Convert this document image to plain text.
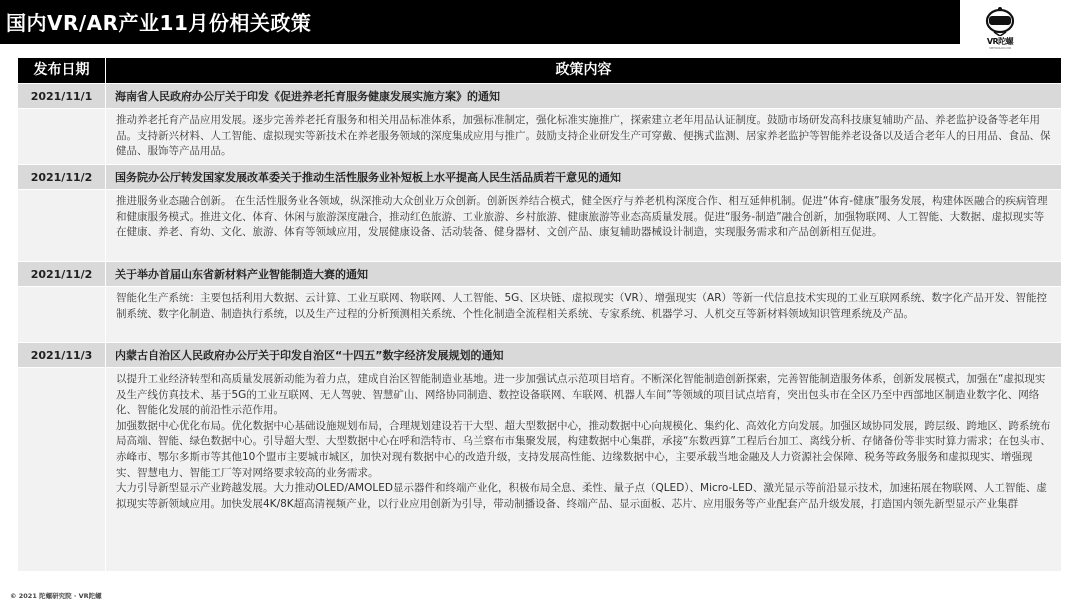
国内VR/AR产业11月份相关政策
VR陀螺
VRTUOLUO.CN
发布日期	政策内容
2021/11/1	海南省人民政府办公厅关于印发《促进养老托育服务健康发展实施方案》的通知

推动养老托育产品应用发展。逐步完善养老托育服务和相关用品标准体系，加强标准制定，强化标准实施推广，探索建立老年用品认证制度。鼓励市场研发高科技康复辅助产品、养老监护设备等老年用品。支持新兴材料、人工智能、虚拟现实等新技术在养老服务领域的深度集成应用与推广。鼓励支持企业研发生产可穿戴、便携式监测、居家养老监护等智能养老设备以及适合老年人的日用品、食品、保健品、服饰等产品用品。

2021/11/2	国务院办公厅转发国家发展改革委关于推动生活性服务业补短板上水平提高人民生活品质若干意见的通知

推进服务业态融合创新。 在生活性服务业各领域，纵深推动大众创业万众创新。创新医养结合模式，健全医疗与养老机构深度合作、相互延伸机制。促进“体育-健康”服务发展，构建体医融合的疾病管理和健康服务模式。推进文化、体育、休闲与旅游深度融合，推动红色旅游、工业旅游、乡村旅游、健康旅游等业态高质量发展。促进“服务-制造”融合创新，加强物联网、人工智能、大数据、虚拟现实等在健康、养老、育幼、文化、旅游、体育等领域应用，发展健康设备、活动装备、健身器材、文创产品、康复辅助器械设计制造，实现服务需求和产品创新相互促进。

2021/11/2	关于举办首届山东省新材料产业智能制造大赛的通知

智能化生产系统：主要包括利用大数据、云计算、工业互联网、物联网、人工智能、5G、区块链、虚拟现实（VR）、增强现实（AR）等新一代信息技术实现的工业互联网系统、数字化产品开发、智能控制系统、数字化制造、制造执行系统，以及生产过程的分析预测相关系统、个性化制造全流程相关系统、专家系统、机器学习、人机交互等新材料领域知识管理系统及产品。

2021/11/3	内蒙古自治区人民政府办公厅关于印发自治区“十四五”数字经济发展规划的通知

以提升工业经济转型和高质量发展新动能为着力点，建成自治区智能制造业基地。进一步加强试点示范项目培育。不断深化智能制造创新探索，完善智能制造服务体系，创新发展模式，加强在“虚拟现实及生产线仿真技术、基于5G的工业互联网、无人驾驶、智慧矿山、网络协同制造、数控设备联网、车联网、机器人车间”等领域的项目试点培育，突出包头市在全区乃至中西部地区制造业数字化、网络化、智能化发展的前沿性示范作用。

加强数据中心优化布局。优化数据中心基础设施规划布局，合理规划建设若干大型、超大型数据中心，推动数据中心向规模化、集约化、高效化方向发展。加强区域协同发展，跨层级、跨地区、跨系统布局高端、智能、绿色数据中心。引导超大型、大型数据中心在呼和浩特市、乌兰察布市集聚发展，构建数据中心集群，承接“东数西算”工程后台加工、离线分析、存储备份等非实时算力需求；在包头市、赤峰市、鄂尔多斯市等其他10个盟市主要城市城区，加快对现有数据中心的改造升级，支持发展高性能、边缘数据中心，主要承载当地金融及人力资源社会保障、税务等政务服务和虚拟现实、增强现实、智慧电力、智能工厂等对网络要求较高的业务需求。

大力引导新型显示产业跨越发展。大力推动OLED/AMOLED显示器件和终端产业化，积极布局全息、柔性、量子点（QLED）、Micro-LED、激光显示等前沿显示技术，加速拓展在物联网、人工智能、虚拟现实等新领域应用。加快发展4K/8K超高清视频产业，以行业应用创新为引导，带动制播设备、终端产品、显示面板、芯片、应用服务等产业配套产品升级发展，打造国内领先新型显示产业集群

© 2021 陀螺研究院 · VR陀螺
